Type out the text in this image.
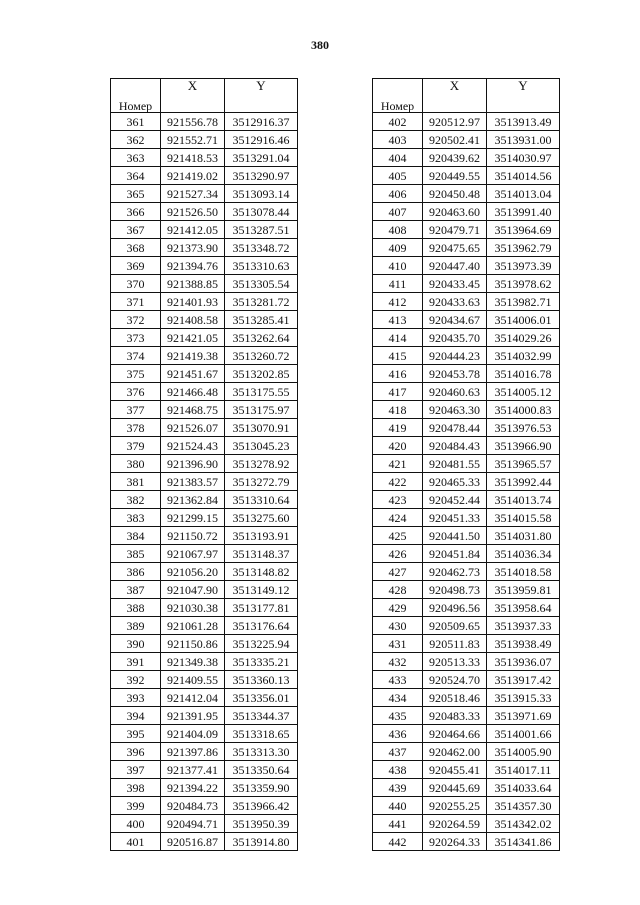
380
Номер	X	Y
361	921556.78	3512916.37
362	921552.71	3512916.46
363	921418.53	3513291.04
364	921419.02	3513290.97
365	921527.34	3513093.14
366	921526.50	3513078.44
367	921412.05	3513287.51
368	921373.90	3513348.72
369	921394.76	3513310.63
370	921388.85	3513305.54
371	921401.93	3513281.72
372	921408.58	3513285.41
373	921421.05	3513262.64
374	921419.38	3513260.72
375	921451.67	3513202.85
376	921466.48	3513175.55
377	921468.75	3513175.97
378	921526.07	3513070.91
379	921524.43	3513045.23
380	921396.90	3513278.92
381	921383.57	3513272.79
382	921362.84	3513310.64
383	921299.15	3513275.60
384	921150.72	3513193.91
385	921067.97	3513148.37
386	921056.20	3513148.82
387	921047.90	3513149.12
388	921030.38	3513177.81
389	921061.28	3513176.64
390	921150.86	3513225.94
391	921349.38	3513335.21
392	921409.55	3513360.13
393	921412.04	3513356.01
394	921391.95	3513344.37
395	921404.09	3513318.65
396	921397.86	3513313.30
397	921377.41	3513350.64
398	921394.22	3513359.90
399	920484.73	3513966.42
400	920494.71	3513950.39
401	920516.87	3513914.80
Номер	X	Y
402	920512.97	3513913.49
403	920502.41	3513931.00
404	920439.62	3514030.97
405	920449.55	3514014.56
406	920450.48	3514013.04
407	920463.60	3513991.40
408	920479.71	3513964.69
409	920475.65	3513962.79
410	920447.40	3513973.39
411	920433.45	3513978.62
412	920433.63	3513982.71
413	920434.67	3514006.01
414	920435.70	3514029.26
415	920444.23	3514032.99
416	920453.78	3514016.78
417	920460.63	3514005.12
418	920463.30	3514000.83
419	920478.44	3513976.53
420	920484.43	3513966.90
421	920481.55	3513965.57
422	920465.33	3513992.44
423	920452.44	3514013.74
424	920451.33	3514015.58
425	920441.50	3514031.80
426	920451.84	3514036.34
427	920462.73	3514018.58
428	920498.73	3513959.81
429	920496.56	3513958.64
430	920509.65	3513937.33
431	920511.83	3513938.49
432	920513.33	3513936.07
433	920524.70	3513917.42
434	920518.46	3513915.33
435	920483.33	3513971.69
436	920464.66	3514001.66
437	920462.00	3514005.90
438	920455.41	3514017.11
439	920445.69	3514033.64
440	920255.25	3514357.30
441	920264.59	3514342.02
442	920264.33	3514341.86
